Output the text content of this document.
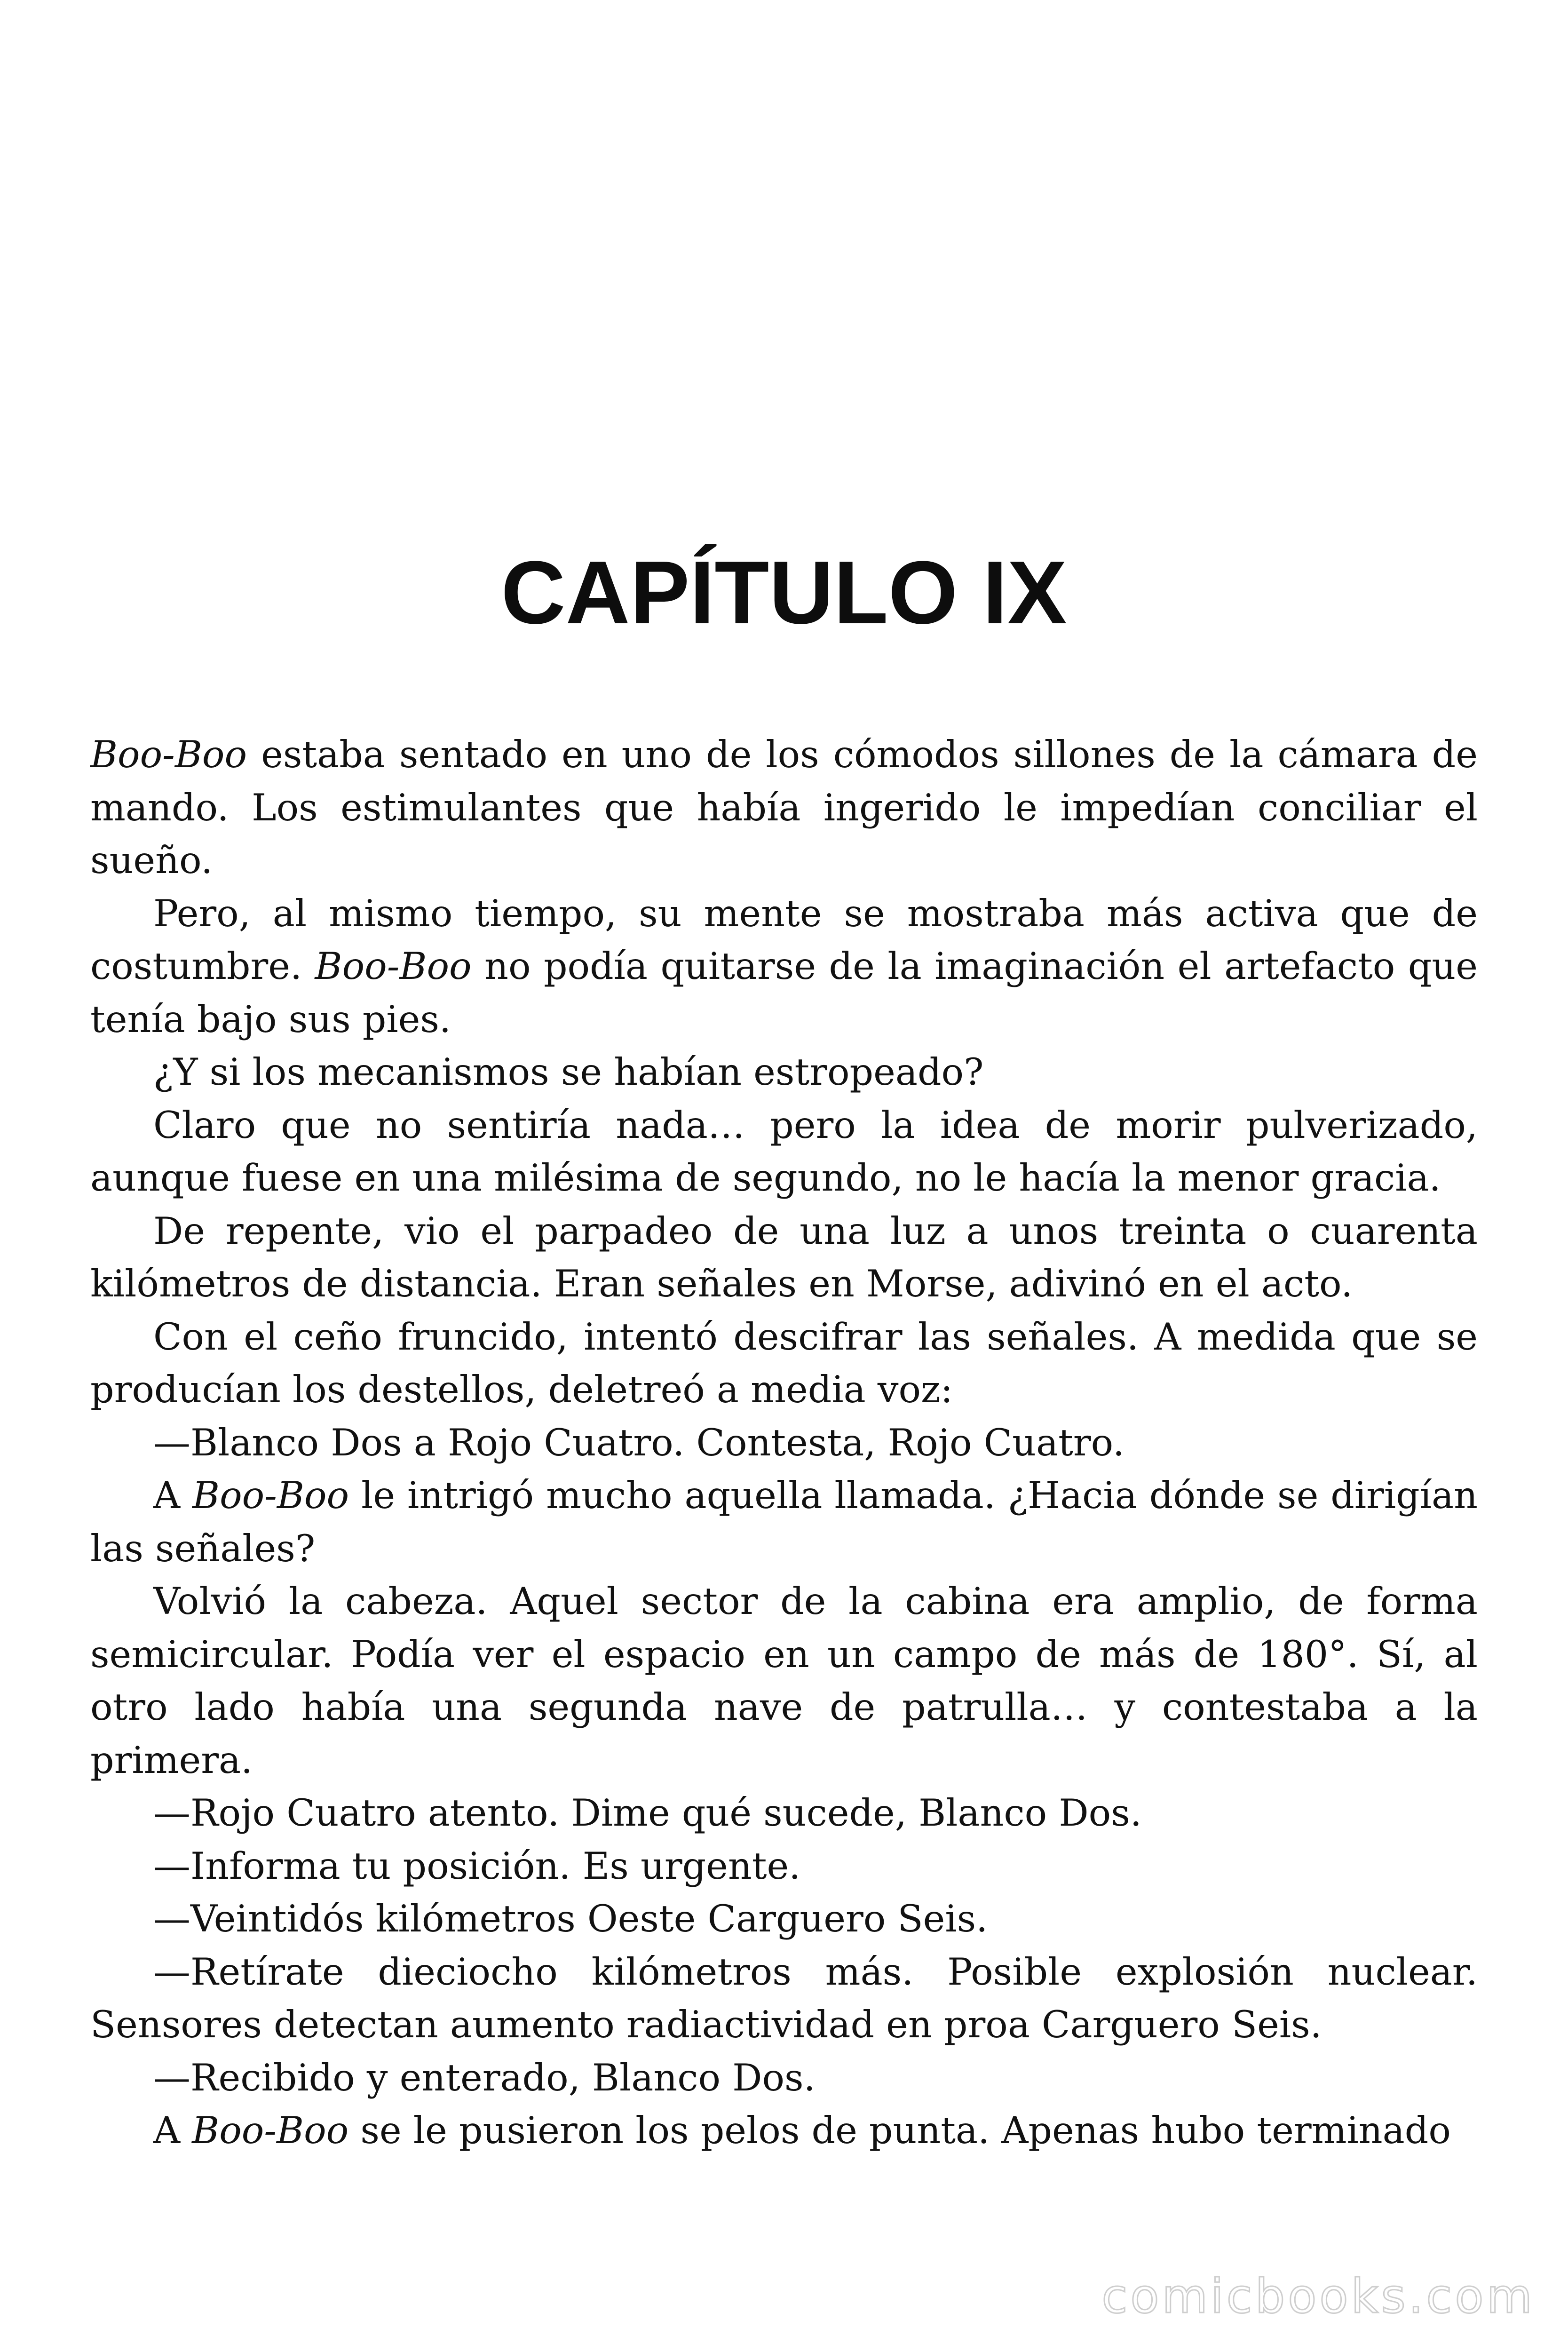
CAPÍTULO IX

Boo-Boo estaba sentado en uno de los cómodos sillones de la cámara de mando. Los estimulantes que había ingerido le impedían conciliar el sueño.

Pero, al mismo tiempo, su mente se mostraba más activa que de costumbre. Boo-Boo no podía quitarse de la imaginación el artefacto que tenía bajo sus pies.

¿Y si los mecanismos se habían estropeado?

Claro que no sentiría nada… pero la idea de morir pulverizado, aunque fuese en una milésima de segundo, no le hacía la menor gracia.

De repente, vio el parpadeo de una luz a unos treinta o cuarenta kilómetros de distancia. Eran señales en Morse, adivinó en el acto.

Con el ceño fruncido, intentó descifrar las señales. A medida que se producían los destellos, deletreó a media voz:

—Blanco Dos a Rojo Cuatro. Contesta, Rojo Cuatro.

A Boo-Boo le intrigó mucho aquella llamada. ¿Hacia dónde se dirigían las señales?

Volvió la cabeza. Aquel sector de la cabina era amplio, de forma semicircular. Podía ver el espacio en un campo de más de 180°. Sí, al otro lado había una segunda nave de patrulla… y contestaba a la primera.

—Rojo Cuatro atento. Dime qué sucede, Blanco Dos.

—Informa tu posición. Es urgente.

—Veintidós kilómetros Oeste Carguero Seis.

—Retírate dieciocho kilómetros más. Posible explosión nuclear. Sensores detectan aumento radiactividad en proa Carguero Seis.

—Recibido y enterado, Blanco Dos.

A Boo-Boo se le pusieron los pelos de punta. Apenas hubo terminado

comicbooks.com
